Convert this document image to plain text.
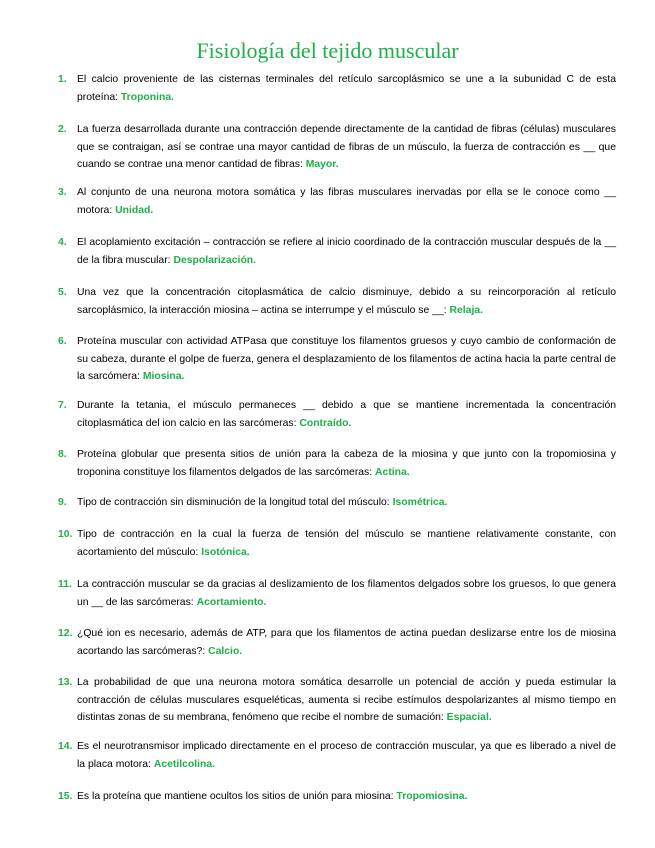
Fisiología del tejido muscular
1. El calcio proveniente de las cisternas terminales del retículo sarcoplásmico se une a la subunidad C de esta proteína: Troponina.
2. La fuerza desarrollada durante una contracción depende directamente de la cantidad de fibras (células) musculares que se contraigan, así se contrae una mayor cantidad de fibras de un músculo, la fuerza de contracción es __ que cuando se contrae una menor cantidad de fibras: Mayor.
3. Al conjunto de una neurona motora somática y las fibras musculares inervadas por ella se le conoce como __ motora: Unidad.
4. El acoplamiento excitación – contracción se refiere al inicio coordinado de la contracción muscular después de la __ de la fibra muscular: Despolarización.
5. Una vez que la concentración citoplasmática de calcio disminuye, debido a su reincorporación al retículo sarcoplásmico, la interacción miosina – actina se interrumpe y el músculo se __: Relaja.
6. Proteína muscular con actividad ATPasa que constituye los filamentos gruesos y cuyo cambio de conformación de su cabeza, durante el golpe de fuerza, genera el desplazamiento de los filamentos de actina hacia la parte central de la sarcómera: Miosina.
7. Durante la tetania, el músculo permaneces __ debido a que se mantiene incrementada la concentración citoplasmática del ion calcio en las sarcómeras: Contraído.
8. Proteína globular que presenta sitios de unión para la cabeza de la miosina y que junto con la tropomiosina y troponina constituye los filamentos delgados de las sarcómeras: Actina.
9. Tipo de contracción sin disminución de la longitud total del músculo: Isométrica.
10. Tipo de contracción en la cual la fuerza de tensión del músculo se mantiene relativamente constante, con acortamiento del músculo: Isotónica.
11. La contracción muscular se da gracias al deslizamiento de los filamentos delgados sobre los gruesos, lo que genera un __ de las sarcómeras: Acortamiento.
12. ¿Qué ion es necesario, además de ATP, para que los filamentos de actina puedan deslizarse entre los de miosina acortando las sarcómeras?: Calcio.
13. La probabilidad de que una neurona motora somática desarrolle un potencial de acción y pueda estimular la contracción de células musculares esqueléticas, aumenta si recibe estímulos despolarizantes al mismo tiempo en distintas zonas de su membrana, fenómeno que recibe el nombre de sumación: Espacial.
14. Es el neurotransmisor implicado directamente en el proceso de contracción muscular, ya que es liberado a nivel de la placa motora: Acetilcolina.
15. Es la proteína que mantiene ocultos los sitios de unión para miosina: Tropomiosina.
